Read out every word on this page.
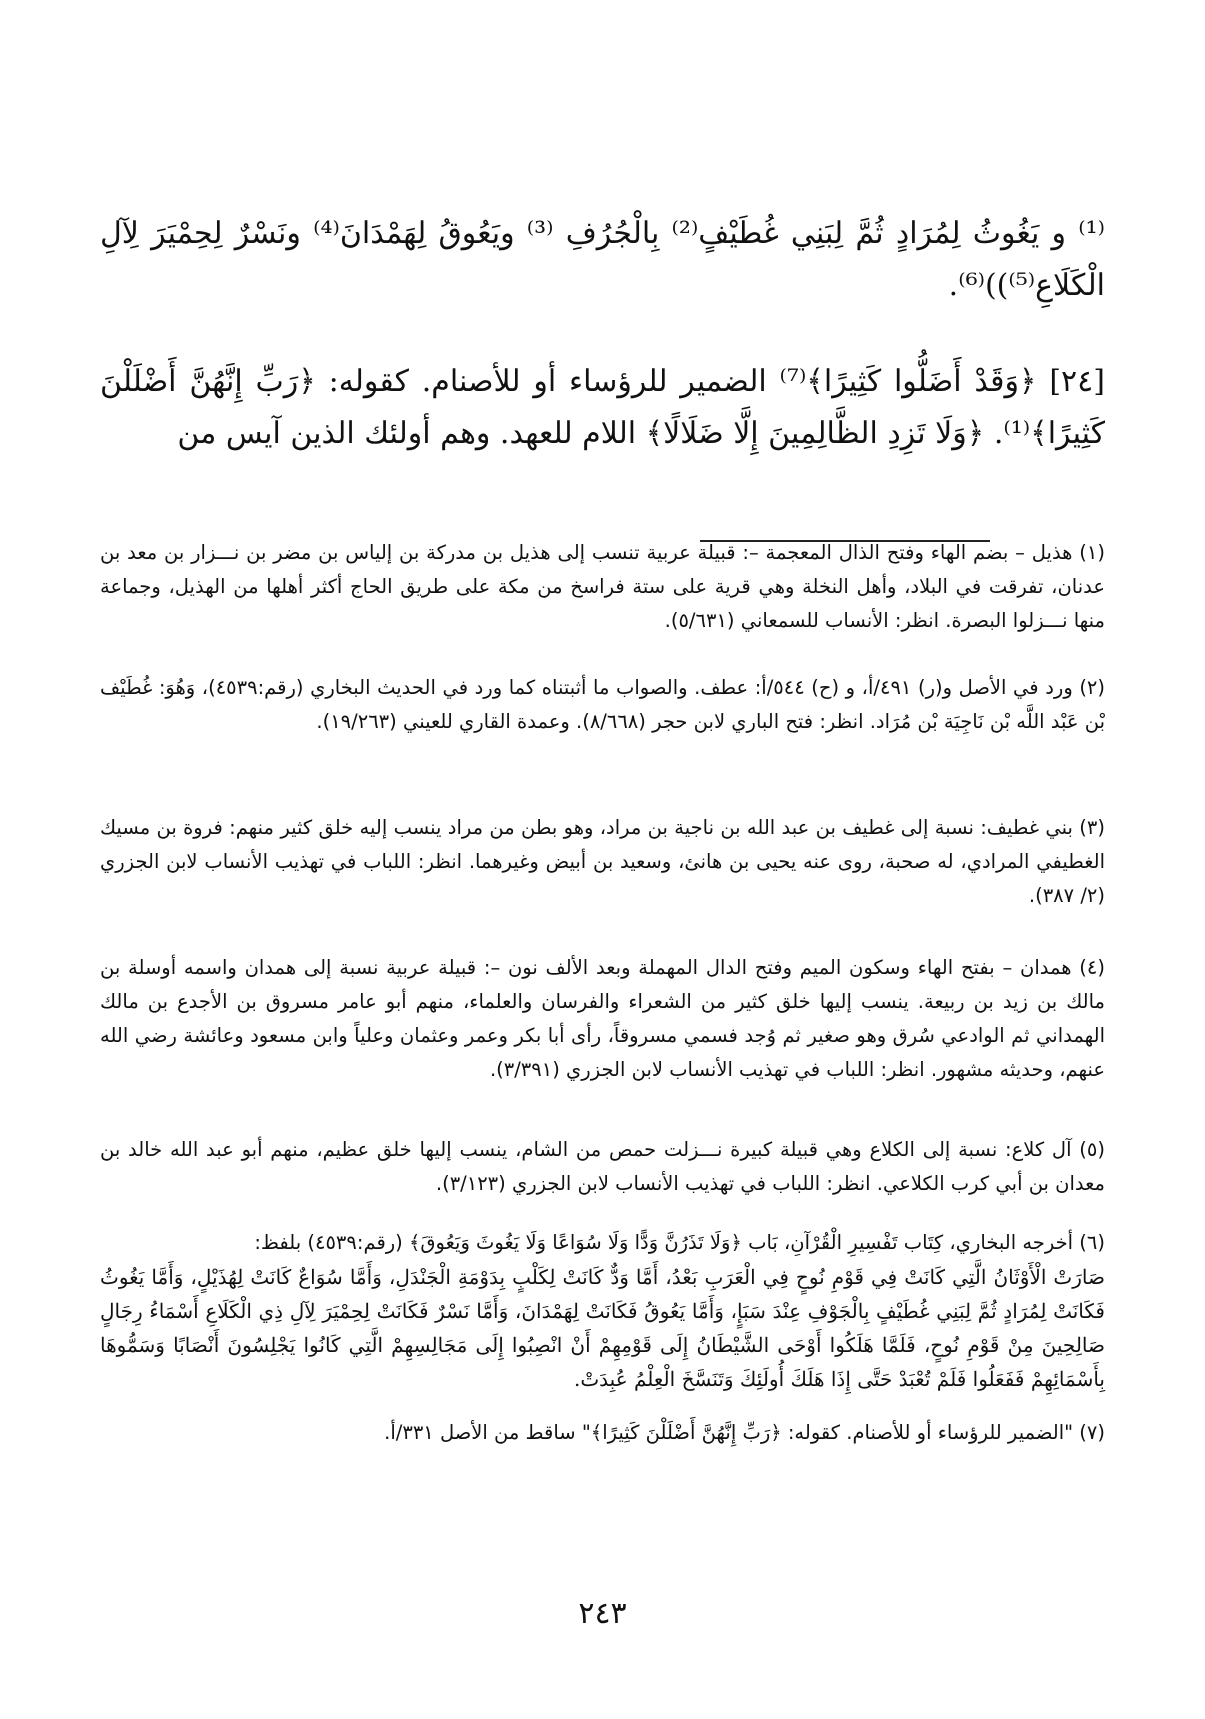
⁽¹⁾ و يَغُوثُ لِمُرَادٍ ثُمَّ لِبَنِي غُطَيْفٍ⁽²⁾ بِالْجُرُفِ ⁽³⁾ ويَعُوقُ لِهَمْدَانَ⁽⁴⁾ ونَسْرٌ لِحِمْيَرَ لِآلِ الْكَلَاعِ⁽⁵⁾))⁽⁶⁾.

[٢٤] ﴿وَقَدْ أَضَلُّوا كَثِيرًا﴾⁽⁷⁾ الضمير للرؤساء أو للأصنام. كقوله: ﴿رَبِّ إِنَّهُنَّ أَضْلَلْنَ كَثِيرًا﴾⁽¹⁾. ﴿وَلَا تَزِدِ الظَّالِمِينَ إِلَّا ضَلَالًا﴾ اللام للعهد. وهم أولئك الذين آيس من

(١) هذيل – بضم الهاء وفتح الذال المعجمة –: قبيلة عربية تنسب إلى هذيل بن مدركة بن إلياس بن مضر بن نـــزار بن معد بن عدنان، تفرقت في البلاد، وأهل النخلة وهي قرية على ستة فراسخ من مكة على طريق الحاج أكثر أهلها من الهذيل، وجماعة منها نـــزلوا البصرة. انظر: الأنساب للسمعاني (٥/٦٣١).

(٢) ورد في الأصل و(ر) ٤٩١/أ، و (ح) ٥٤٤/أ: عطف. والصواب ما أثبتناه كما ورد في الحديث البخاري (رقم:٤٥٣٩)، وَهُوَ: غُطَيْف بْن عَبْد اللَّه بْن نَاجِيَة بْن مُرَاد. انظر: فتح الباري لابن حجر (٨/٦٦٨). وعمدة القاري للعيني (١٩/٢٦٣).

(٣) بني غطيف: نسبة إلى غطيف بن عبد الله بن ناجية بن مراد، وهو بطن من مراد ينسب إليه خلق كثير منهم: فروة بن مسيك الغطيفي المرادي، له صحبة، روى عنه يحيى بن هانئ، وسعيد بن أبيض وغيرهما. انظر: اللباب في تهذيب الأنساب لابن الجزري (٢/ ٣٨٧).

(٤) همدان – بفتح الهاء وسكون الميم وفتح الدال المهملة وبعد الألف نون –: قبيلة عربية نسبة إلى همدان واسمه أوسلة بن مالك بن زيد بن ربيعة. ينسب إليها خلق كثير من الشعراء والفرسان والعلماء، منهم أبو عامر مسروق بن الأجدع بن مالك الهمداني ثم الوادعي سُرق وهو صغير ثم وُجد فسمي مسروقاً، رأى أبا بكر وعمر وعثمان وعلياً وابن مسعود وعائشة رضي الله عنهم، وحديثه مشهور. انظر: اللباب في تهذيب الأنساب لابن الجزري (٣/٣٩١).

(٥) آل كلاع: نسبة إلى الكلاع وهي قبيلة كبيرة نـــزلت حمص من الشام، ينسب إليها خلق عظيم، منهم أبو عبد الله خالد بن معدان بن أبي كرب الكلاعي. انظر: اللباب في تهذيب الأنساب لابن الجزري (٣/١٢٣).

(٦) أخرجه البخاري، كِتَاب تَفْسِيرِ الْقُرْآنِ، بَاب ﴿وَلَا تَذَرُنَّ وَدًّا وَلَا سُوَاعًا وَلَا يَغُوثَ وَيَعُوقَ﴾ (رقم:٤٥٣٩) بلفظ:
صَارَتْ الْأَوْثَانُ الَّتِي كَانَتْ فِي قَوْمِ نُوحٍ فِي الْعَرَبِ بَعْدُ، أَمَّا وَدٌّ كَانَتْ لِكَلْبٍ بِدَوْمَةِ الْجَنْدَلِ، وَأَمَّا سُوَاعٌ كَانَتْ لِهُذَيْلٍ، وَأَمَّا يَغُوثُ فَكَانَتْ لِمُرَادٍ ثُمَّ لِبَنِي غُطَيْفٍ بِالْجَوْفِ عِنْدَ سَبَإٍ، وَأَمَّا يَعُوقُ فَكَانَتْ لِهَمْدَانَ، وَأَمَّا نَسْرٌ فَكَانَتْ لِحِمْيَرَ لِآلِ ذِي الْكَلَاعِ أَسْمَاءُ رِجَالٍ صَالِحِينَ مِنْ قَوْمِ نُوحٍ، فَلَمَّا هَلَكُوا أَوْحَى الشَّيْطَانُ إِلَى قَوْمِهِمْ أَنْ انْصِبُوا إِلَى مَجَالِسِهِمْ الَّتِي كَانُوا يَجْلِسُونَ أَنْصَابًا وَسَمُّوهَا بِأَسْمَائِهِمْ فَفَعَلُوا فَلَمْ تُعْبَدْ حَتَّى إِذَا هَلَكَ أُولَئِكَ وَتَنَسَّخَ الْعِلْمُ عُبِدَتْ.

(٧) "الضمير للرؤساء أو للأصنام. كقوله: ﴿رَبِّ إِنَّهُنَّ أَضْلَلْنَ كَثِيرًا﴾" ساقط من الأصل ٣٣١/أ.

٢٤٣
